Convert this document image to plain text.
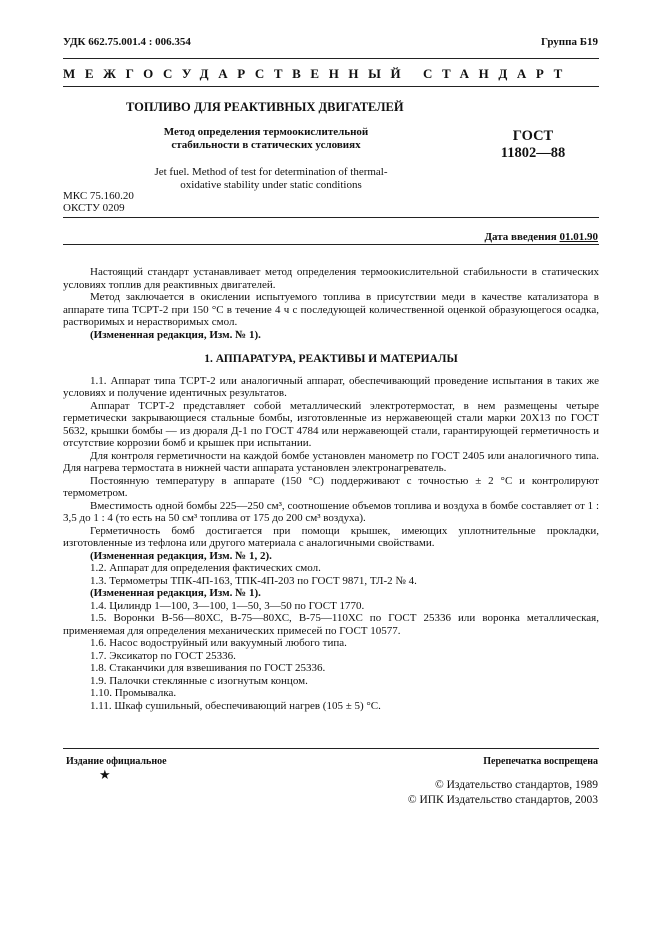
УДК 662.75.001.4 : 006.354	Группа Б19
МЕЖГОСУДАРСТВЕННЫЙ СТАНДАРТ
ТОПЛИВО ДЛЯ РЕАКТИВНЫХ ДВИГАТЕЛЕЙ
Метод определения термоокислительной
стабильности в статических условиях
ГОСТ
11802—88
Jet fuel. Method of test for determination of thermal-
oxidative stability under static conditions
МКС 75.160.20
ОКСТУ 0209
Дата введения 01.01.90

Настоящий стандарт устанавливает метод определения термоокислительной стабильности в статических условиях топлив для реактивных двигателей.

Метод заключается в окислении испытуемого топлива в присутствии меди в качестве катализатора в аппарате типа ТСРТ-2 при 150 °С в течение 4 ч с последующей количественной оценкой образующегося осадка, растворимых и нерастворимых смол.

(Измененная редакция, Изм. № 1).

1. АППАРАТУРА, РЕАКТИВЫ И МАТЕРИАЛЫ

1.1. Аппарат типа ТСРТ-2 или аналогичный аппарат, обеспечивающий проведение испытания в таких же условиях и получение идентичных результатов.

Аппарат ТСРТ-2 представляет собой металлический электротермостат, в нем размещены четыре герметически закрывающиеся стальные бомбы, изготовленные из нержавеющей стали марки 20Х13 по ГОСТ 5632, крышки бомбы — из дюраля Д-1 по ГОСТ 4784 или нержавеющей стали, гарантирующей герметичность и отсутствие коррозии бомб и крышек при испытании.

Для контроля герметичности на каждой бомбе установлен манометр по ГОСТ 2405 или аналогичного типа. Для нагрева термостата в нижней части аппарата установлен электронагреватель.

Постоянную температуру в аппарате (150 °С) поддерживают с точностью ± 2 °С и контролируют термометром.

Вместимость одной бомбы 225—250 см³, соотношение объемов топлива и воздуха в бомбе составляет от 1 : 3,5 до 1 : 4 (то есть на 50 см³ топлива от 175 до 200 см³ воздуха).

Герметичность бомб достигается при помощи крышек, имеющих уплотнительные прокладки, изготовленные из тефлона или другого материала с аналогичными свойствами.

(Измененная редакция, Изм. № 1, 2).

1.2. Аппарат для определения фактических смол.

1.3. Термометры ТПК-4П-163, ТПК-4П-203 по ГОСТ 9871, ТЛ-2 № 4.

(Измененная редакция, Изм. № 1).

1.4. Цилиндр 1—100, 3—100, 1—50, 3—50 по ГОСТ 1770.

1.5. Воронки В-56—80ХС, В-75—80ХС, В-75—110ХС по ГОСТ 25336 или воронка металлическая, применяемая для определения механических примесей по ГОСТ 10577.

1.6. Насос водоструйный или вакуумный любого типа.

1.7. Эксикатор по ГОСТ 25336.

1.8. Стаканчики для взвешивания по ГОСТ 25336.

1.9. Палочки стеклянные с изогнутым концом.

1.10. Промывалка.

1.11. Шкаф сушильный, обеспечивающий нагрев (105 ± 5) °С.

Издание официальное	Перепечатка воспрещена
★
© Издательство стандартов, 1989
© ИПК Издательство стандартов, 2003
